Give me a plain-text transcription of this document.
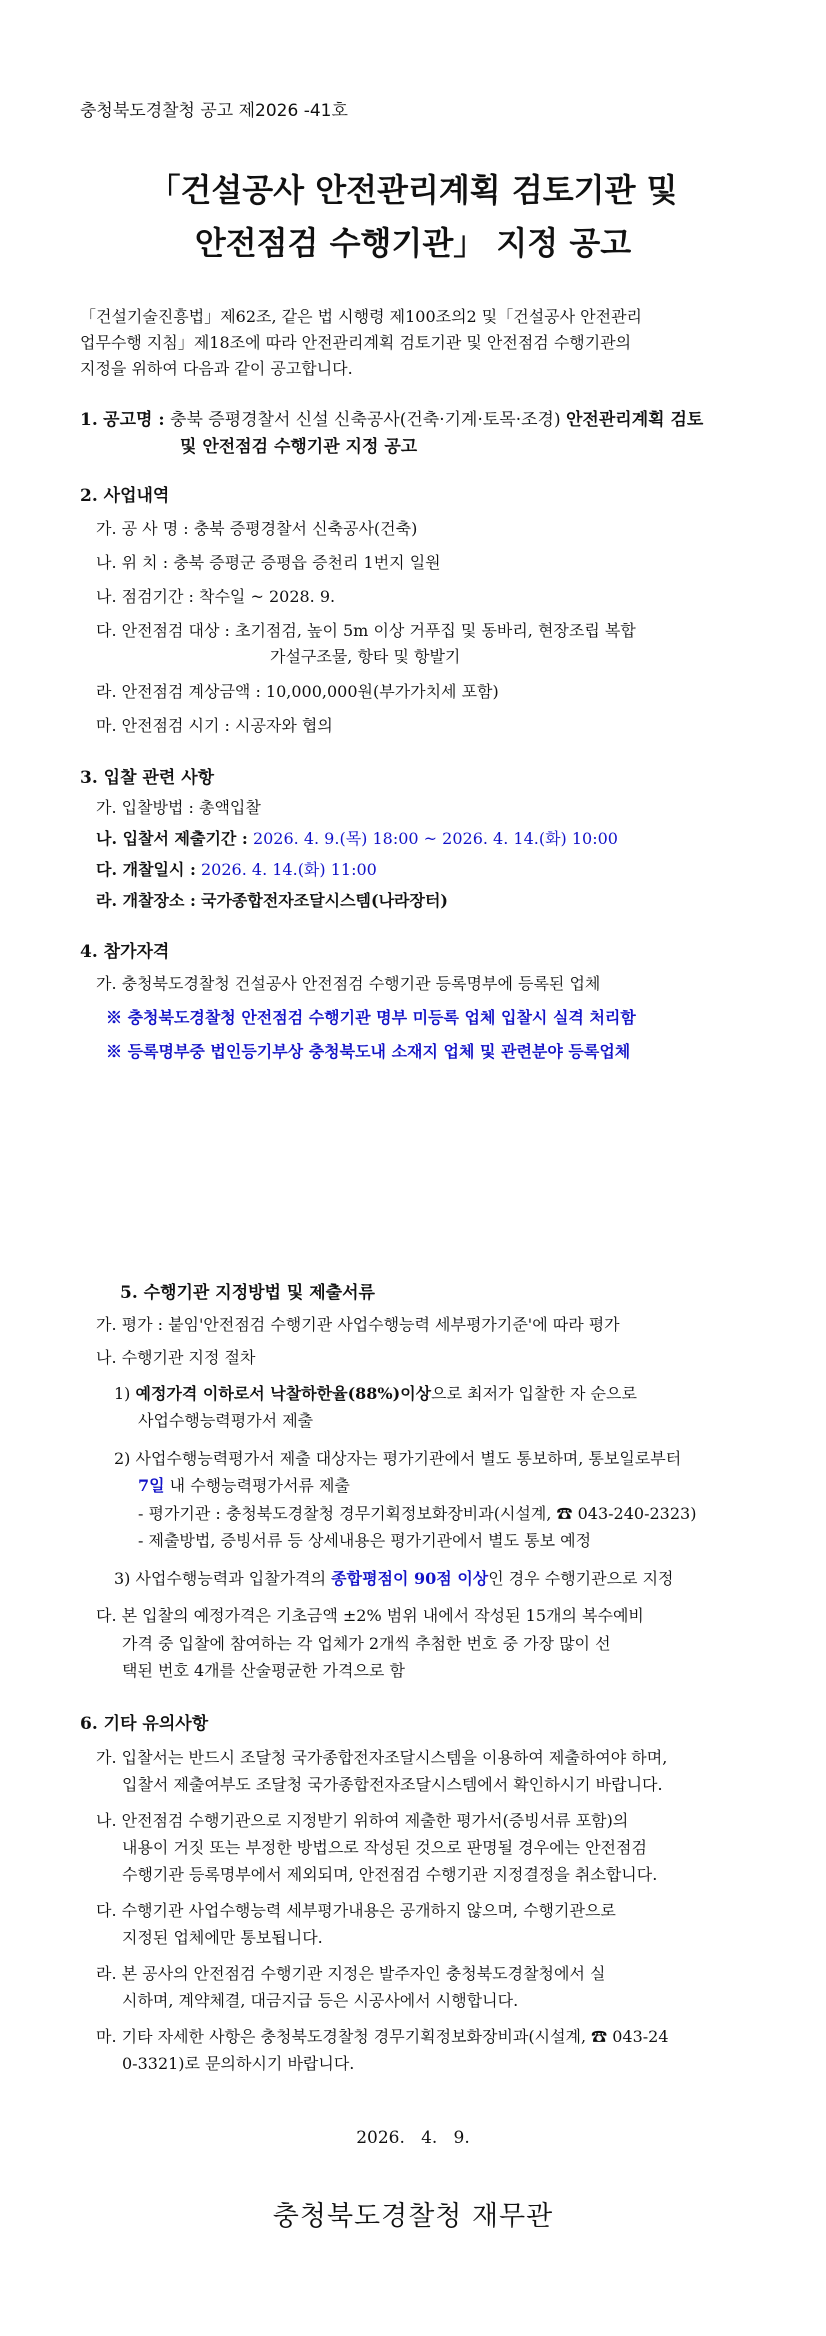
충청북도경찰청 공고 제2026 -41호
「건설공사 안전관리계획 검토기관 및
안전점검 수행기관」 지정 공고
「건설기술진흥법」제62조, 같은 법 시행령 제100조의2 및「건설공사 안전관리
업무수행 지침」제18조에 따라 안전관리계획 검토기관 및 안전점검 수행기관의
지정을 위하여 다음과 같이 공고합니다.
1. 공고명 : 충북 증평경찰서 신설 신축공사(건축·기계·토목·조경) 안전관리계획 검토
및 안전점검 수행기관 지정 공고
2. 사업내역
가. 공 사 명 : 충북 증평경찰서 신축공사(건축)
나. 위 치 : 충북 증평군 증평읍 증천리 1번지 일원
나. 점검기간 : 착수일 ~ 2028. 9.
다. 안전점검 대상 : 초기점검, 높이 5m 이상 거푸집 및 동바리, 현장조립 복합
가설구조물, 항타 및 항발기
라. 안전점검 계상금액 : 10,000,000원(부가가치세 포함)
마. 안전점검 시기 : 시공자와 협의
3. 입찰 관련 사항
가. 입찰방법 : 총액입찰
나. 입찰서 제출기간 : 2026. 4. 9.(목) 18:00 ~ 2026. 4. 14.(화) 10:00
다. 개찰일시 : 2026. 4. 14.(화) 11:00
라. 개찰장소 : 국가종합전자조달시스템(나라장터)
4. 참가자격
가. 충청북도경찰청 건설공사 안전점검 수행기관 등록명부에 등록된 업체
※ 충청북도경찰청 안전점검 수행기관 명부 미등록 업체 입찰시 실격 처리함
※ 등록명부중 법인등기부상 충청북도내 소재지 업체 및 관련분야 등록업체
5. 수행기관 지정방법 및 제출서류
가. 평가 : 붙임'안전점검 수행기관 사업수행능력 세부평가기준'에 따라 평가
나. 수행기관 지정 절차
1) 예정가격 이하로서 낙찰하한율(88%)이상으로 최저가 입찰한 자 순으로
사업수행능력평가서 제출
2) 사업수행능력평가서 제출 대상자는 평가기관에서 별도 통보하며, 통보일로부터
7일 내 수행능력평가서류 제출
- 평가기관 : 충청북도경찰청 경무기획정보화장비과(시설계, ☎ 043-240-2323)
- 제출방법, 증빙서류 등 상세내용은 평가기관에서 별도 통보 예정
3) 사업수행능력과 입찰가격의 종합평점이 90점 이상인 경우 수행기관으로 지정
다. 본 입찰의 예정가격은 기초금액 ±2% 범위 내에서 작성된 15개의 복수예비
가격 중 입찰에 참여하는 각 업체가 2개씩 추첨한 번호 중 가장 많이 선
택된 번호 4개를 산술평균한 가격으로 함
6. 기타 유의사항
가. 입찰서는 반드시 조달청 국가종합전자조달시스템을 이용하여 제출하여야 하며,
입찰서 제출여부도 조달청 국가종합전자조달시스템에서 확인하시기 바랍니다.
나. 안전점검 수행기관으로 지정받기 위하여 제출한 평가서(증빙서류 포함)의
내용이 거짓 또는 부정한 방법으로 작성된 것으로 판명될 경우에는 안전점검
수행기관 등록명부에서 제외되며, 안전점검 수행기관 지정결정을 취소합니다.
다. 수행기관 사업수행능력 세부평가내용은 공개하지 않으며, 수행기관으로
지정된 업체에만 통보됩니다.
라. 본 공사의 안전점검 수행기관 지정은 발주자인 충청북도경찰청에서 실
시하며, 계약체결, 대금지급 등은 시공사에서 시행합니다.
마. 기타 자세한 사항은 충청북도경찰청 경무기획정보화장비과(시설계, ☎ 043-24
0-3321)로 문의하시기 바랍니다.
2026.   4.   9.
충청북도경찰청 재무관
